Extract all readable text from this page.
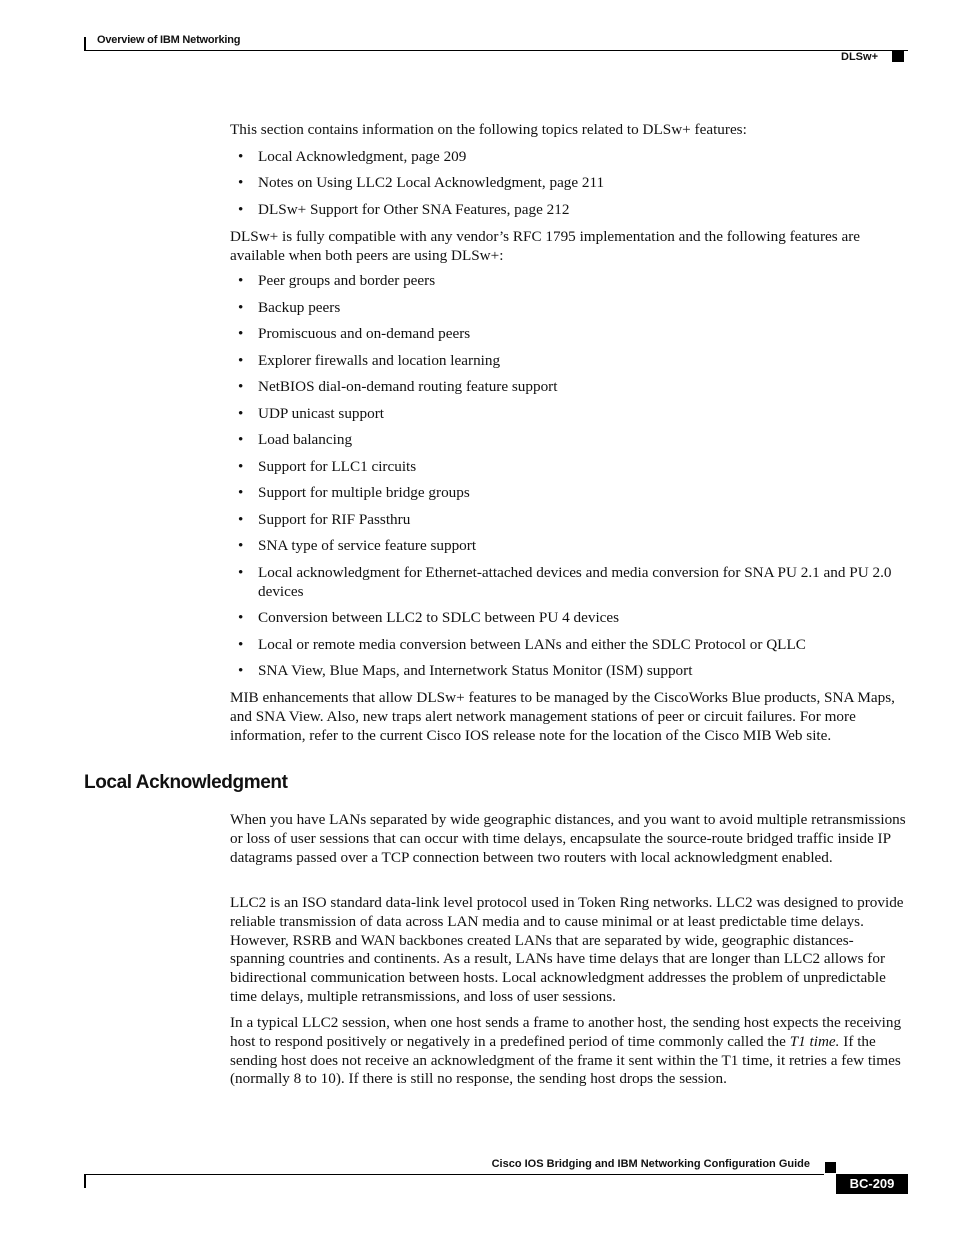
Overview of IBM Networking
DLSw+

This section contains information on the following topics related to DLSw+ features:

• Local Acknowledgment, page 209
• Notes on Using LLC2 Local Acknowledgment, page 211
• DLSw+ Support for Other SNA Features, page 212

DLSw+ is fully compatible with any vendor’s RFC 1795 implementation and the following features are available when both peers are using DLSw+:

• Peer groups and border peers
• Backup peers
• Promiscuous and on-demand peers
• Explorer firewalls and location learning
• NetBIOS dial-on-demand routing feature support
• UDP unicast support
• Load balancing
• Support for LLC1 circuits
• Support for multiple bridge groups
• Support for RIF Passthru
• SNA type of service feature support
• Local acknowledgment for Ethernet-attached devices and media conversion for SNA PU 2.1 and PU 2.0 devices
• Conversion between LLC2 to SDLC between PU 4 devices
• Local or remote media conversion between LANs and either the SDLC Protocol or QLLC
• SNA View, Blue Maps, and Internetwork Status Monitor (ISM) support

MIB enhancements that allow DLSw+ features to be managed by the CiscoWorks Blue products, SNA Maps, and SNA View. Also, new traps alert network management stations of peer or circuit failures. For more information, refer to the current Cisco IOS release note for the location of the Cisco MIB Web site.

Local Acknowledgment

When you have LANs separated by wide geographic distances, and you want to avoid multiple retransmissions or loss of user sessions that can occur with time delays, encapsulate the source-route bridged traffic inside IP datagrams passed over a TCP connection between two routers with local acknowledgment enabled.

LLC2 is an ISO standard data-link level protocol used in Token Ring networks. LLC2 was designed to provide reliable transmission of data across LAN media and to cause minimal or at least predictable time delays. However, RSRB and WAN backbones created LANs that are separated by wide, geographic distances-spanning countries and continents. As a result, LANs have time delays that are longer than LLC2 allows for bidirectional communication between hosts. Local acknowledgment addresses the problem of unpredictable time delays, multiple retransmissions, and loss of user sessions.

In a typical LLC2 session, when one host sends a frame to another host, the sending host expects the receiving host to respond positively or negatively in a predefined period of time commonly called the T1 time. If the sending host does not receive an acknowledgment of the frame it sent within the T1 time, it retries a few times (normally 8 to 10). If there is still no response, the sending host drops the session.

Cisco IOS Bridging and IBM Networking Configuration Guide
BC-209
